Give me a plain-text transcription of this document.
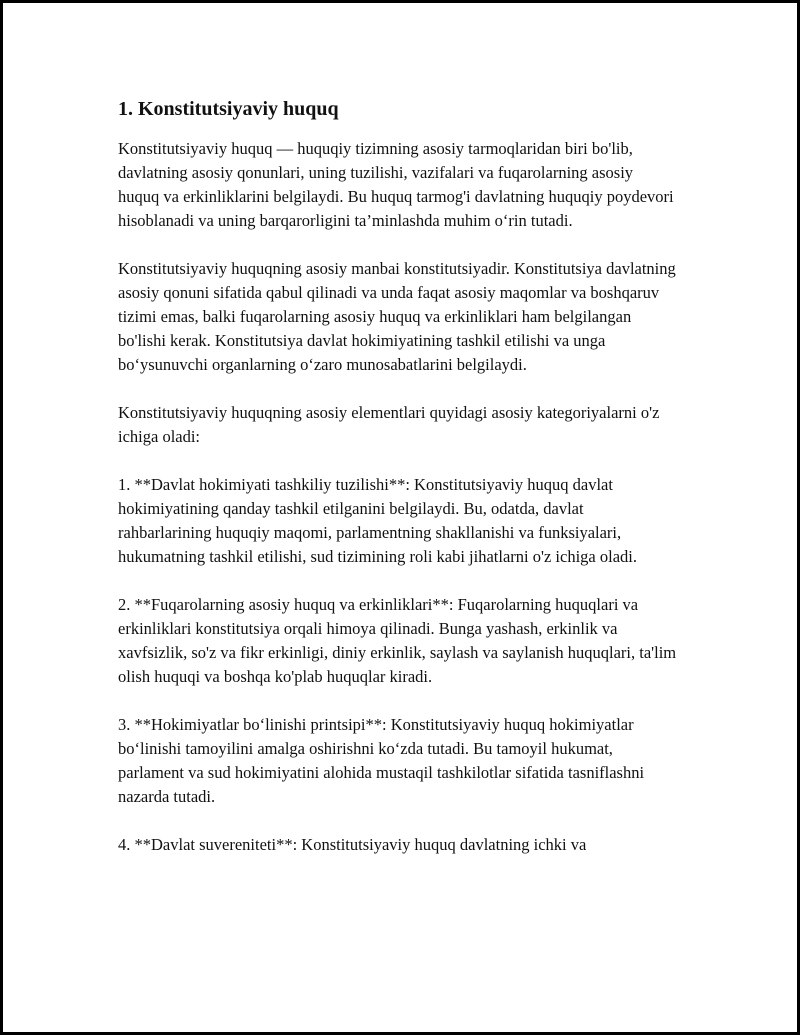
1. Konstitutsiyaviy huquq

Konstitutsiyaviy huquq — huquqiy tizimning asosiy tarmoqlaridan biri bo'lib, davlatning asosiy qonunlari, uning tuzilishi, vazifalari va fuqarolarning asosiy huquq va erkinliklarini belgilaydi. Bu huquq tarmog'i davlatning huquqiy poydevori hisoblanadi va uning barqarorligini ta’minlashda muhim o‘rin tutadi.

Konstitutsiyaviy huquqning asosiy manbai konstitutsiyadir. Konstitutsiya davlatning asosiy qonuni sifatida qabul qilinadi va unda faqat asosiy maqomlar va boshqaruv tizimi emas, balki fuqarolarning asosiy huquq va erkinliklari ham belgilangan bo'lishi kerak. Konstitutsiya davlat hokimiyatining tashkil etilishi va unga bo‘ysunuvchi organlarning o‘zaro munosabatlarini belgilaydi.

Konstitutsiyaviy huquqning asosiy elementlari quyidagi asosiy kategoriyalarni o'z ichiga oladi:

1. **Davlat hokimiyati tashkiliy tuzilishi**: Konstitutsiyaviy huquq davlat hokimiyatining qanday tashkil etilganini belgilaydi. Bu, odatda, davlat rahbarlarining huquqiy maqomi, parlamentning shakllanishi va funksiyalari, hukumatning tashkil etilishi, sud tizimining roli kabi jihatlarni o'z ichiga oladi.

2. **Fuqarolarning asosiy huquq va erkinliklari**: Fuqarolarning huquqlari va erkinliklari konstitutsiya orqali himoya qilinadi. Bunga yashash, erkinlik va xavfsizlik, so'z va fikr erkinligi, diniy erkinlik, saylash va saylanish huquqlari, ta'lim olish huquqi va boshqa ko'plab huquqlar kiradi.

3. **Hokimiyatlar bo‘linishi printsipi**: Konstitutsiyaviy huquq hokimiyatlar bo‘linishi tamoyilini amalga oshirishni ko‘zda tutadi. Bu tamoyil hukumat, parlament va sud hokimiyatini alohida mustaqil tashkilotlar sifatida tasniflashni nazarda tutadi.

4. **Davlat suvereniteti**: Konstitutsiyaviy huquq davlatning ichki va
